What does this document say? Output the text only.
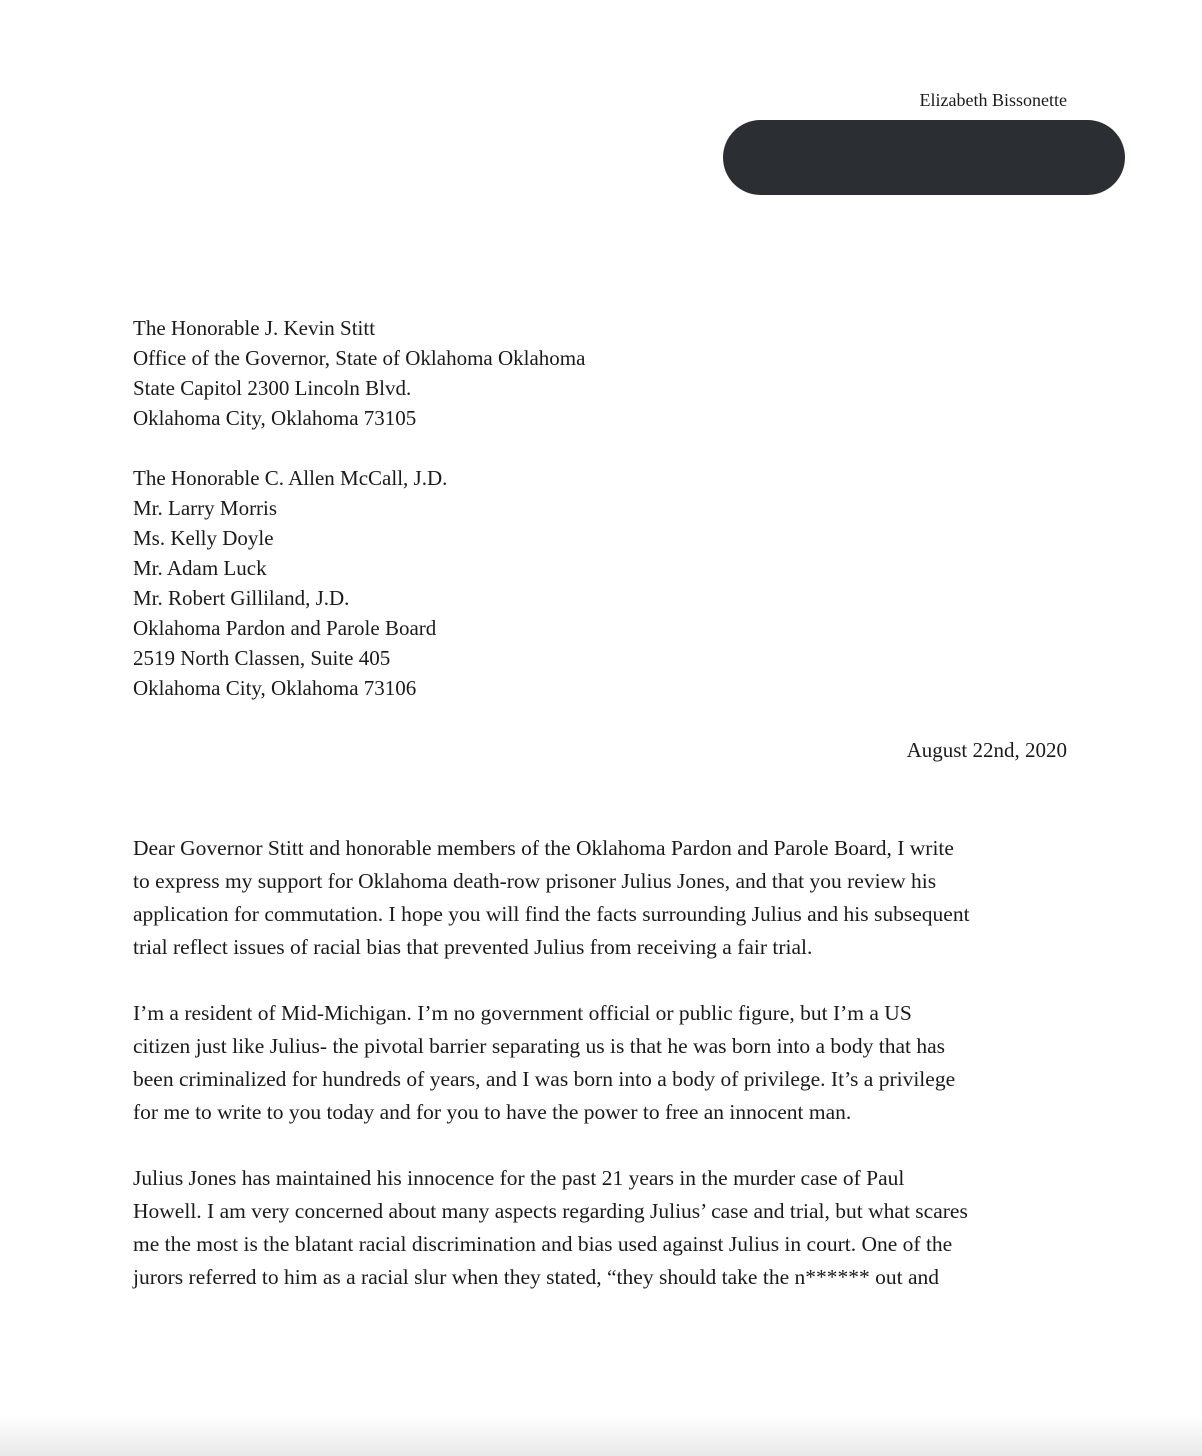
Elizabeth Bissonette
The Honorable J. Kevin Stitt
Office of the Governor, State of Oklahoma Oklahoma
State Capitol 2300 Lincoln Blvd.
Oklahoma City, Oklahoma 73105
The Honorable C. Allen McCall, J.D.
Mr. Larry Morris
Ms. Kelly Doyle
Mr. Adam Luck
Mr. Robert Gilliland, J.D.
Oklahoma Pardon and Parole Board
2519 North Classen, Suite 405
Oklahoma City, Oklahoma 73106
August 22nd, 2020
Dear Governor Stitt and honorable members of the Oklahoma Pardon and Parole Board, I write
to express my support for Oklahoma death-row prisoner Julius Jones, and that you review his
application for commutation. I hope you will find the facts surrounding Julius and his subsequent
trial reflect issues of racial bias that prevented Julius from receiving a fair trial.
I’m a resident of Mid-Michigan. I’m no government official or public figure, but I’m a US
citizen just like Julius- the pivotal barrier separating us is that he was born into a body that has
been criminalized for hundreds of years, and I was born into a body of privilege. It’s a privilege
for me to write to you today and for you to have the power to free an innocent man.
Julius Jones has maintained his innocence for the past 21 years in the murder case of Paul
Howell. I am very concerned about many aspects regarding Julius’ case and trial, but what scares
me the most is the blatant racial discrimination and bias used against Julius in court. One of the
jurors referred to him as a racial slur when they stated, “they should take the n****** out and
